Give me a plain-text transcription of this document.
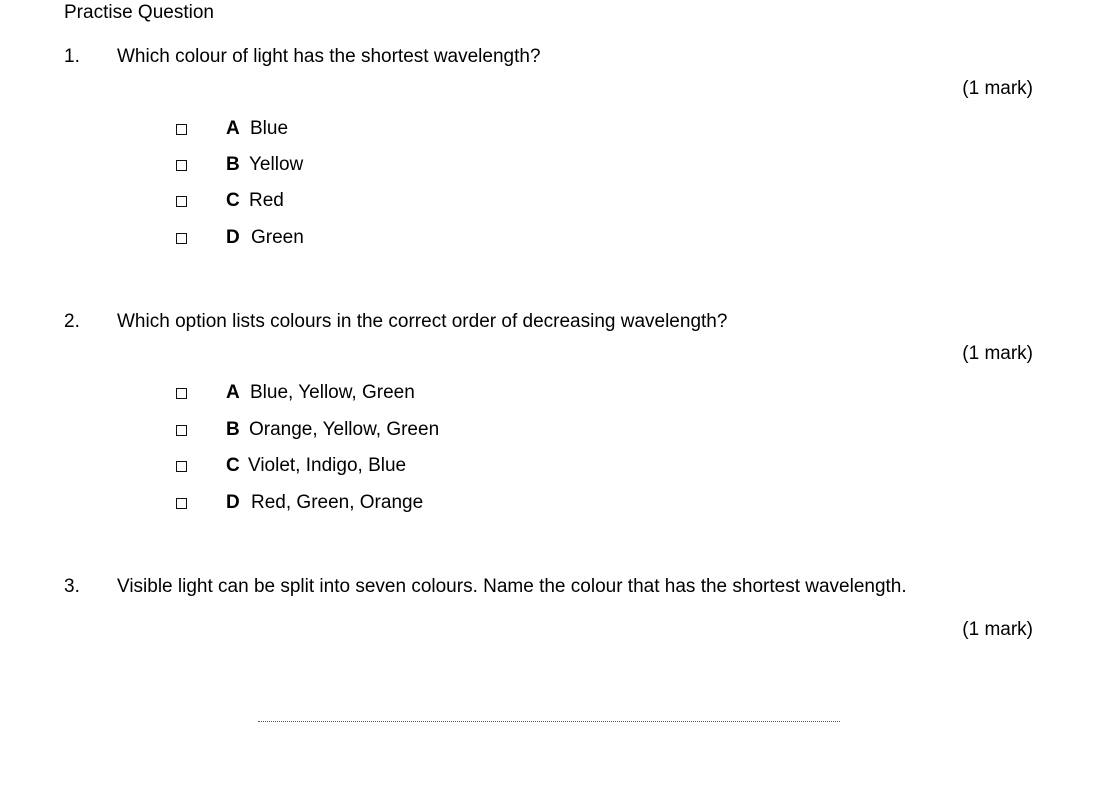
Practise Question
1. Which colour of light has the shortest wavelength?
(1 mark)
A Blue
B Yellow
C Red
D Green
2. Which option lists colours in the correct order of decreasing wavelength?
(1 mark)
A Blue, Yellow, Green
B Orange, Yellow, Green
C Violet, Indigo, Blue
D Red, Green, Orange
3. Visible light can be split into seven colours. Name the colour that has the shortest wavelength.
(1 mark)
